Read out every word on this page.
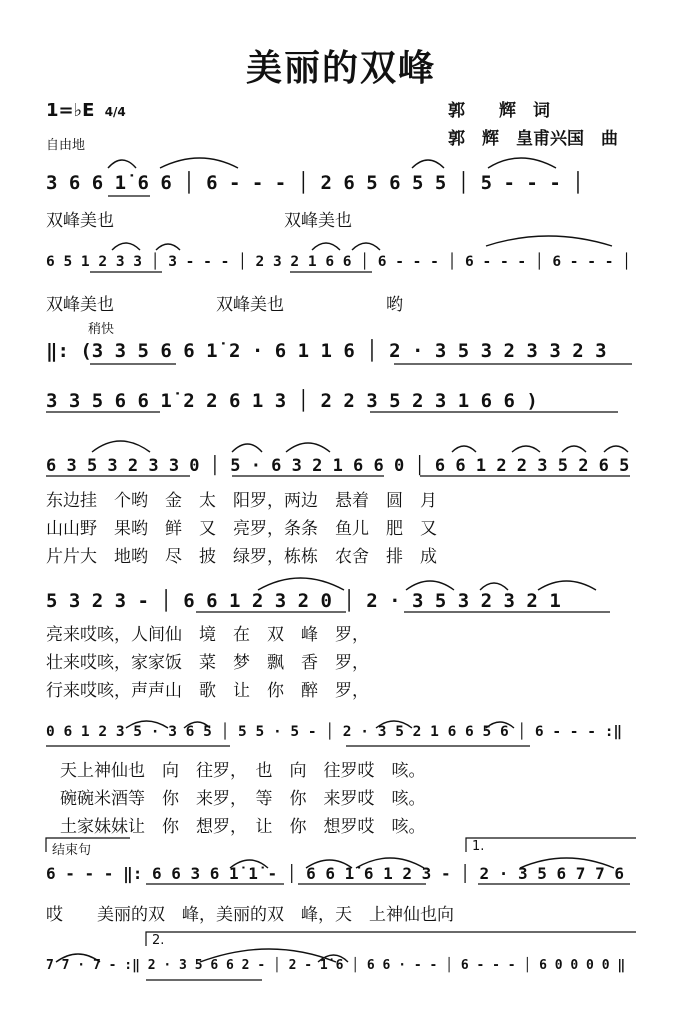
美丽的双峰
1=♭E 4/4
自由地
郭　　辉　词
郭　辉　皇甫兴国　曲
3 6 6 1̇ 6 6 │ 6 - - - │ 2 6 5 6 5 5 │ 5 - - - │
双峰美也　　　　　　　　　　双峰美也
6 5 1 2 3 3 │ 3 - - - │ 2 3 2 1 6 6 │ 6 - - - │ 6 - - - │ 6 - - - │
双峰美也　　　　　　双峰美也　　　　　　哟
稍快
‖: (3 3 5 6 6 1̇ 2 · 6 1 1 6 │ 2 · 3 5 3 2 3 3 2 3
3 3 5 6 6 1̇ 2 2 6 1 3 │ 2 2 3 5 2 3 1 6 6 )
6 3 5 3 2 3 3 0 │ 5 · 6 3 2 1 6 6 0 │ 6 6 1 2 2 3 5 2 6 5
东边挂　个哟　金　太　阳罗，两边　悬着　圆　月
山山野　果哟　鲜　又　亮罗，条条　鱼儿　肥　又
片片大　地哟　尽　披　绿罗，栋栋　农舍　排　成
5 3 2 3 - │ 6 6 1 2 3 2 0 │ 2 · 3 5 3 2 3 2 1
亮来哎咳，人间仙　境　在　双　峰　罗，
壮来哎咳，家家饭　菜　梦　飘　香　罗，
行来哎咳，声声山　歌　让　你　醉　罗，
0 6 1 2 3 5 · 3 6 5 │ 5 5 · 5 - │ 2 · 3 5 2 1 6 6 5 6 │ 6 - - - :‖
天上神仙也　向　往罗，　也　向　往罗哎　咳。
碗碗米酒等　你　来罗，　等　你　来罗哎　咳。
土家妹妹让　你　想罗，　让　你　想罗哎　咳。
结束句	1.
6 - - - ‖: 6 6 3 6 1̇ 1̇ - │ 6 6 1̇ 6 1 2 3 - │ 2 · 3 5 6 7 7 6
哎　　美丽的双　峰，美丽的双　峰，天　上神仙也向
2.
7 7 · 7 - :‖ 2 · 3 5 6 6 2 - │ 2 - 1̇ 6 │ 6 6 · - - │ 6 - - - │ 6 0 0 0 0 ‖
